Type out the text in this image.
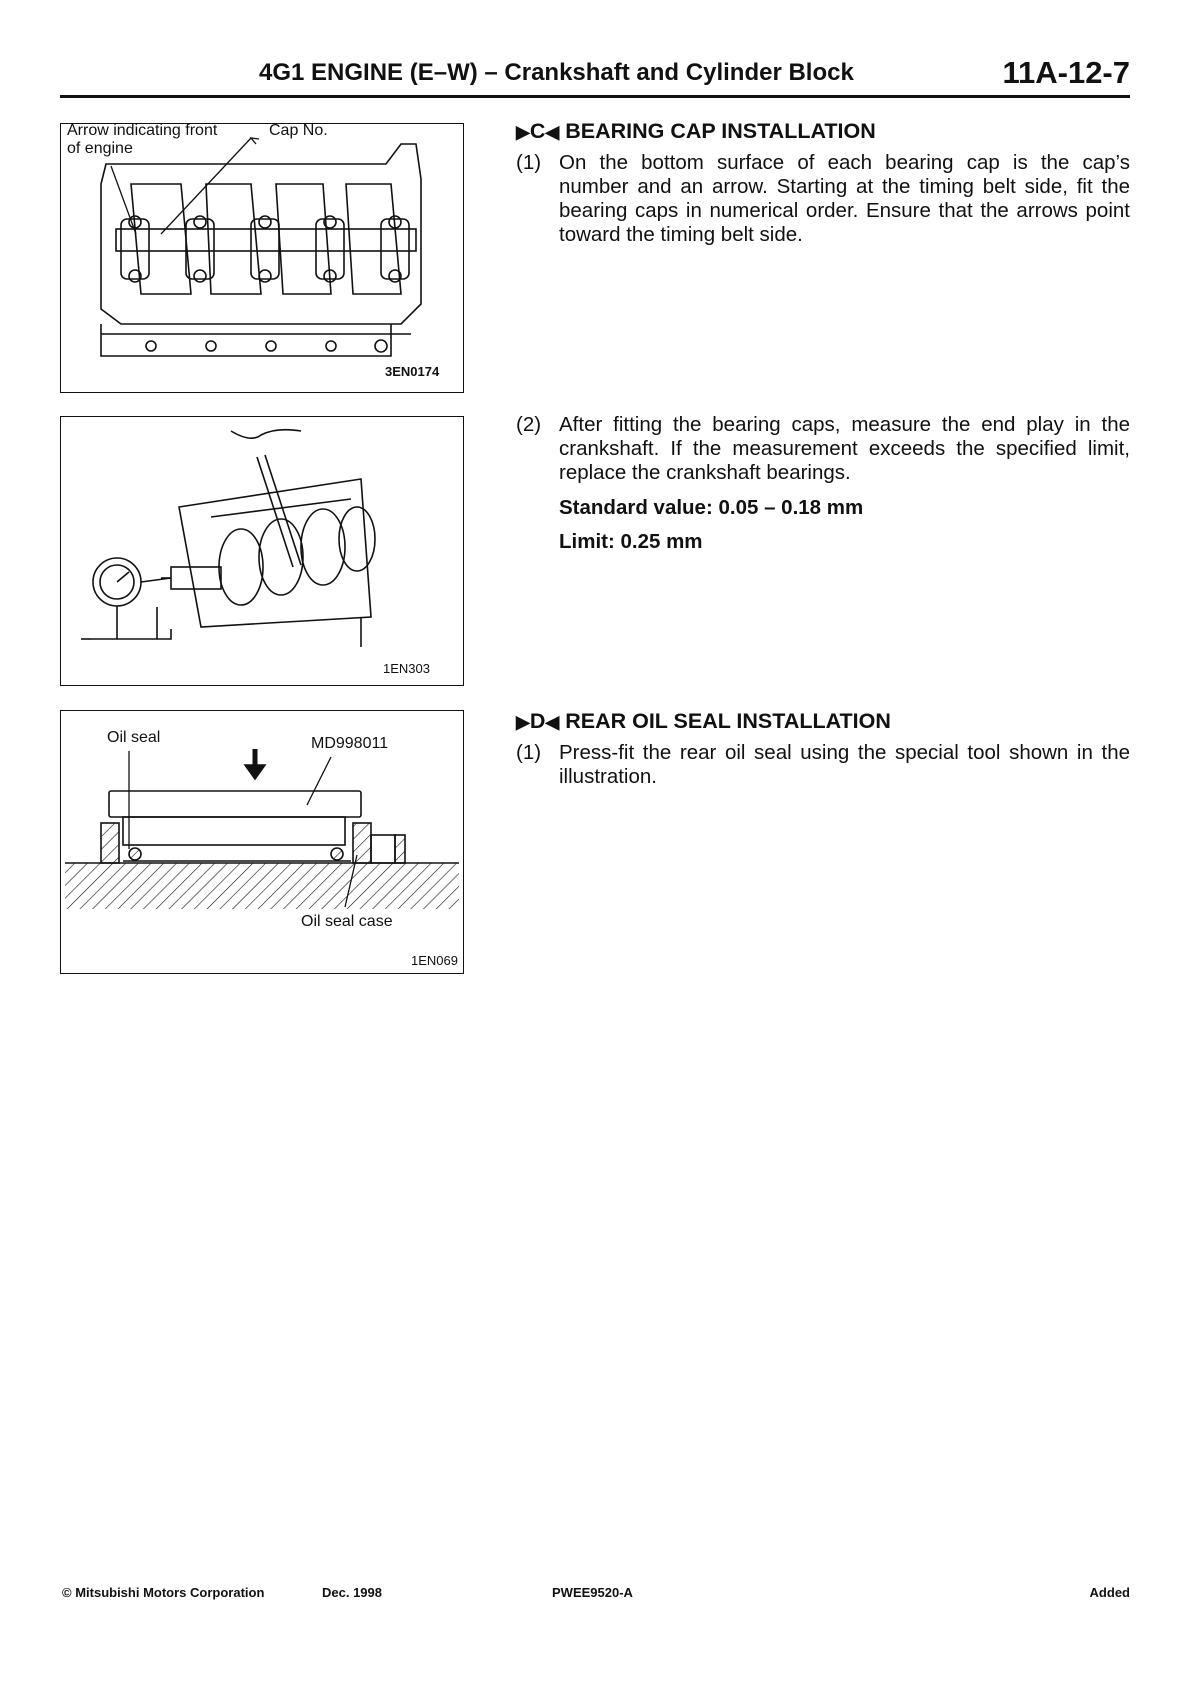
4G1 ENGINE (E–W) – Crankshaft and Cylinder Block	11A-12-7
Arrow indicating front
of engine
Cap No.
3EN0174
1EN303
Oil seal	MD998011
Oil seal case
1EN069
▶C◀ BEARING CAP INSTALLATION
(1) On the bottom surface of each bearing cap is the cap’s number and an arrow. Starting at the timing belt side, fit the bearing caps in numerical order. Ensure that the arrows point toward the timing belt side.
(2) After fitting the bearing caps, measure the end play in the crankshaft. If the measurement exceeds the specified limit, replace the crankshaft bearings.
Standard value: 0.05 – 0.18 mm
Limit: 0.25 mm
▶D◀ REAR OIL SEAL INSTALLATION
(1) Press-fit the rear oil seal using the special tool shown in the illustration.
© Mitsubishi Motors Corporation	Dec. 1998	PWEE9520-A	Added
